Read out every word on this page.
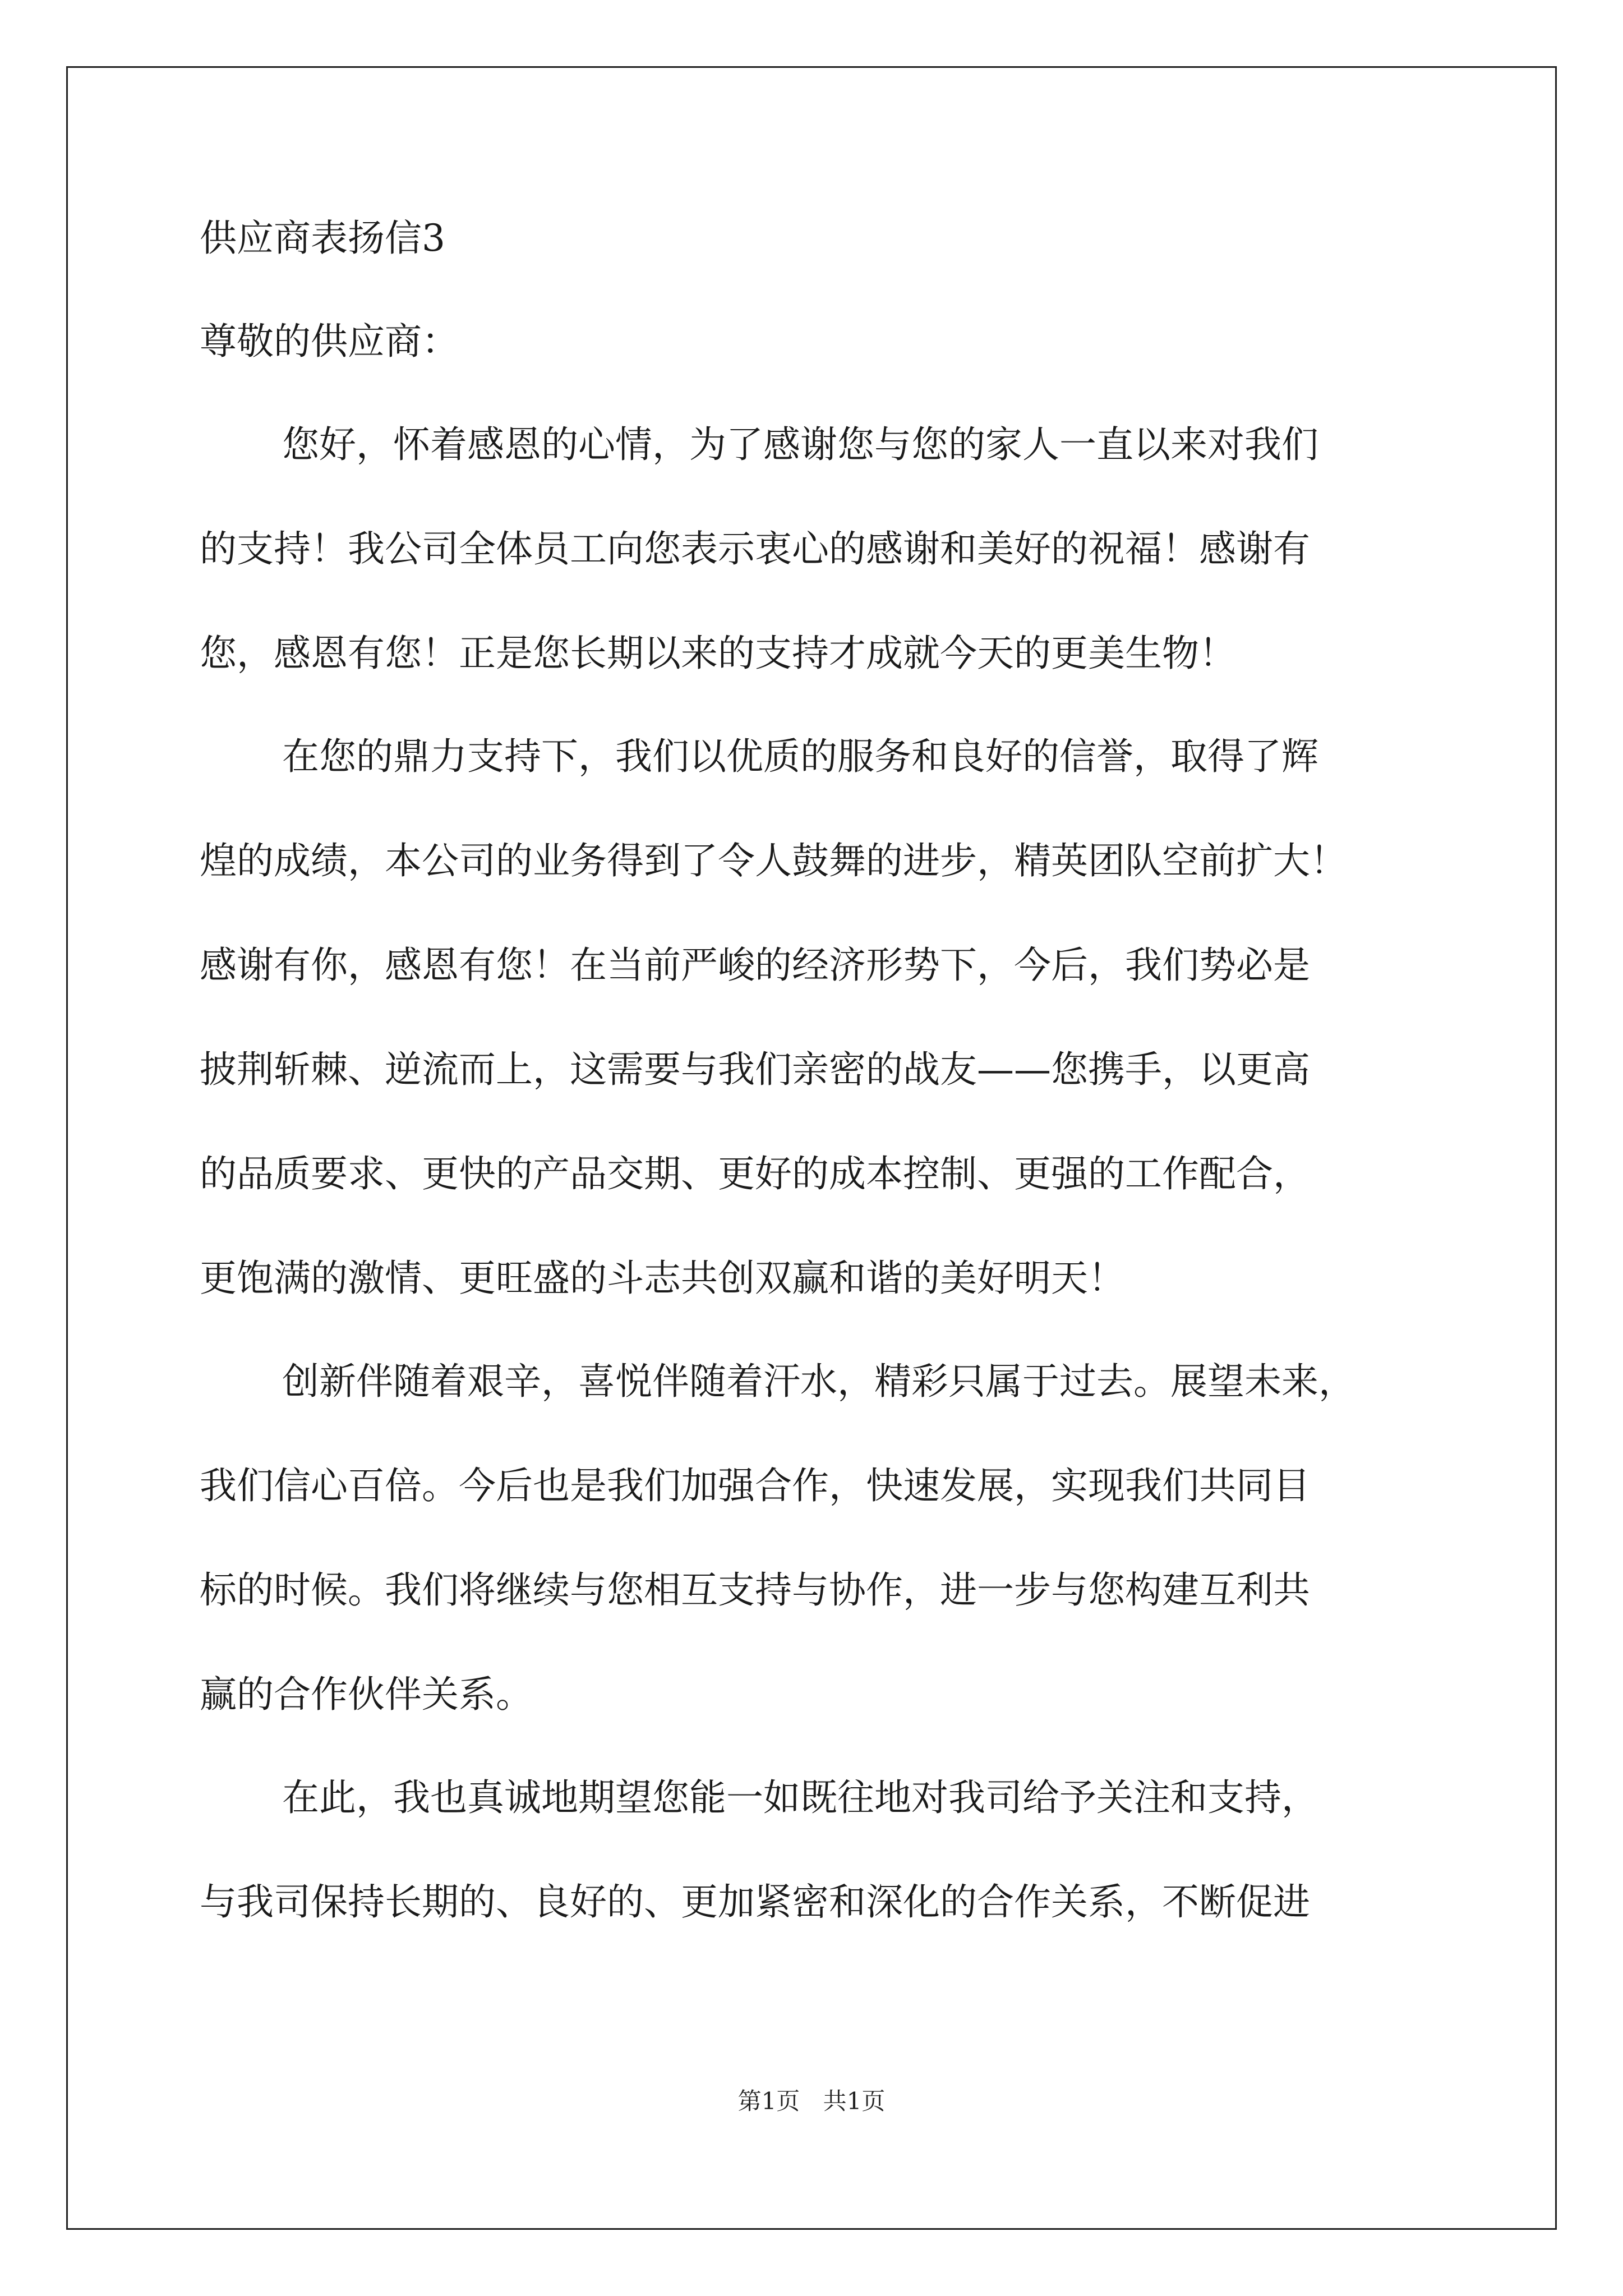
供应商表扬信3
尊敬的供应商：
您好，怀着感恩的心情，为了感谢您与您的家人一直以来对我们
的支持！我公司全体员工向您表示衷心的感谢和美好的祝福！感谢有
您，感恩有您！正是您长期以来的支持才成就今天的更美生物！
在您的鼎力支持下，我们以优质的服务和良好的信誉，取得了辉
煌的成绩，本公司的业务得到了令人鼓舞的进步，精英团队空前扩大！
感谢有你，感恩有您！在当前严峻的经济形势下，今后，我们势必是
披荆斩棘、逆流而上，这需要与我们亲密的战友——您携手，以更高
的品质要求、更快的产品交期、更好的成本控制、更强的工作配合，
更饱满的激情、更旺盛的斗志共创双赢和谐的美好明天！
创新伴随着艰辛，喜悦伴随着汗水，精彩只属于过去。展望未来，
我们信心百倍。今后也是我们加强合作，快速发展，实现我们共同目
标的时候。我们将继续与您相互支持与协作，进一步与您构建互利共
赢的合作伙伴关系。
在此，我也真诚地期望您能一如既往地对我司给予关注和支持，
与我司保持长期的、良好的、更加紧密和深化的合作关系，不断促进
第1页 共1页
